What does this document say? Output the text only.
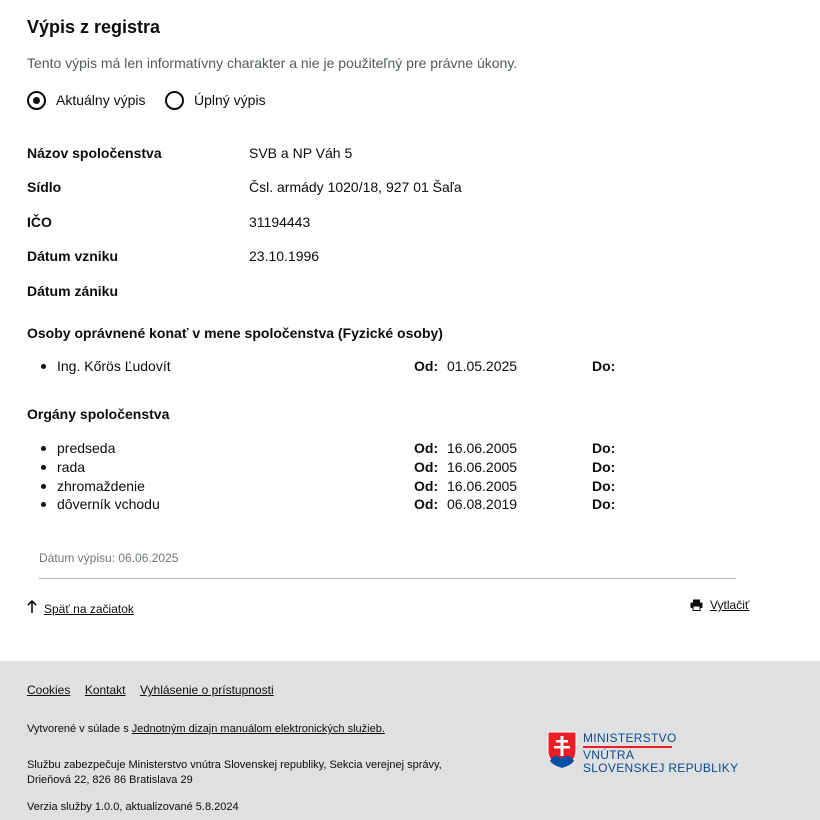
Výpis z registra
Tento výpis má len informatívny charakter a nie je použiteľný pre právne úkony.
Aktuálny výpis	Úplný výpis
Názov spoločenstva	SVB a NP Váh 5
Sídlo	Čsl. armády 1020/18, 927 01 Šaľa
IČO	31194443
Dátum vzniku	23.10.1996
Dátum zániku
Osoby oprávnené konať v mene spoločenstva (Fyzické osoby)
Ing. Kőrös Ľudovít	Od: 01.05.2025	Do:
Orgány spoločenstva
predseda	Od: 16.06.2005	Do:
rada	Od: 16.06.2005	Do:
zhromaždenie	Od: 16.06.2005	Do:
dôverník vchodu	Od: 06.08.2019	Do:
Dátum výpisu: 06.06.2025
Späť na začiatok	Vytlačiť
Cookies Kontakt Vyhlásenie o prístupnosti
Vytvorené v súlade s Jednotným dizajn manuálom elektronických služieb.
Službu zabezpečuje Ministerstvo vnútra Slovenskej republiky, Sekcia verejnej správy,
Drieňová 22, 826 86 Bratislava 29
Verzia služby 1.0.0, aktualizované 5.8.2024
MINISTERSTVO
VNÚTRA
SLOVENSKEJ REPUBLIKY
